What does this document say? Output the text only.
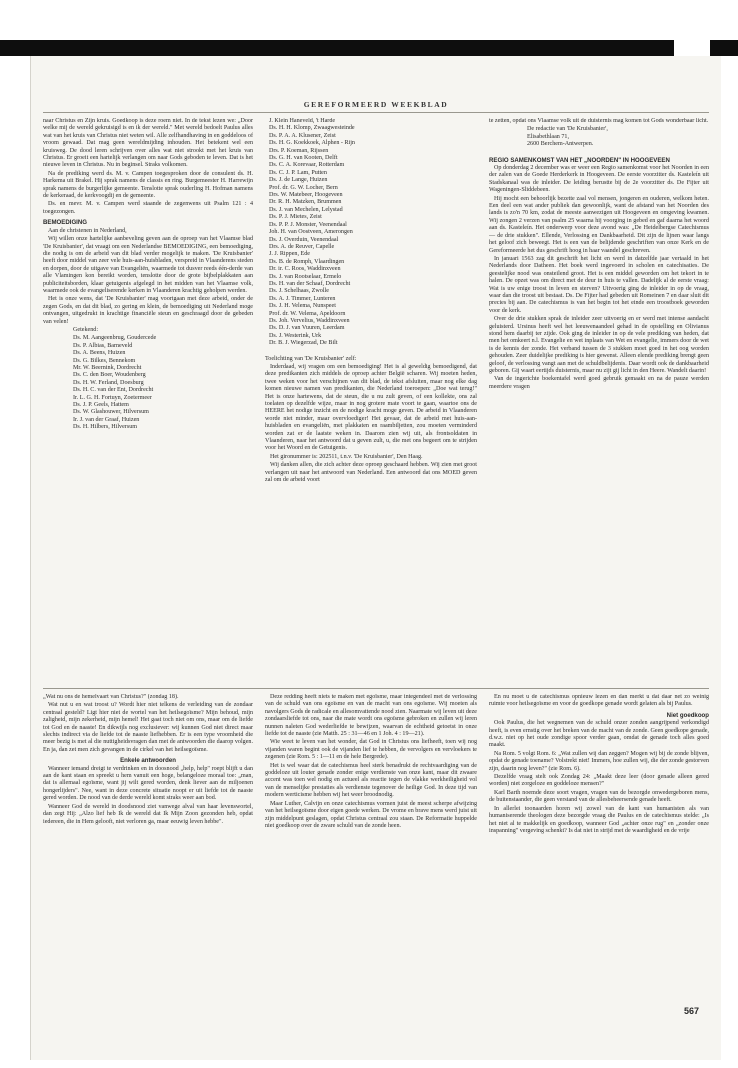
GEREFORMEERD WEEKBLAD

naar Christus en Zijn kruis. Goedkoop is deze roem niet. In de tekst lezen we: „Door welke mij de wereld gekruisigd is en ik der wereld." Met wereld bedoelt Paulus alles wat van het kruis van Christus niet weten wil. Alle zelfhandhaving in en goddeloos of vroom gewaad. Dat mag geen wereldmijding inhouden. Het betekent wel een kruisweg. De dood leren schrijven over alles wat niet strookt met het kruis van Christus. Er groeit een hartelijk verlangen om naar Gods geboden te leven. Dat is het nieuwe leven in Christus. Nu in beginsel. Straks volkomen.

Na de prediking werd ds. M. v. Campen toegesproken door de consulent ds. H. Harkema uit Brakel. Hij sprak namens de classis en ring. Burgemeester H. Harrewijn sprak namens de burgerlijke gemeente. Tenslotte sprak ouderling H. Hofman namens de kerkeraad, de kerkvoogdij en de gemeente.

Ds. en mevr. M. v. Campen werd staande de zegenwens uit Psalm 121 : 4 toegezongen.

BEMOEDIGING

Aan de christenen in Nederland,

Wij willen onze hartelijke aanbeveling geven aan de oproep van het Vlaamse blad 'De Kruisbanier', dat vraagt om een Nederlandse BEMOEDIGING, een bemoediging, die nodig is om de arbeid van dit blad verder mogelijk te maken. 'De Kruisbanier' heeft door middel van zeer vele huis-aan-huisbladen, verspreid in Vlaanderens steden en dorpen, door de uitgave van Evangeliën, waarmede tot dusver reeds één-derde van alle Vlamingen kon bereikt worden, tenslotte door de grote bijbelplakkaten aan publiciteitsborden, klaar getuigenis afgelegd in het midden van het Vlaamse volk, waarmede ook de evangeliserende kerken in Vlaanderen krachtig geholpen werden.

Het is onze wens, dat 'De Kruisbanier' mag voortgaan met deze arbeid, onder de zegen Gods, en dat dit blad, zo gering en klein, de bemoediging uit Nederland moge ontvangen, uitgedrukt in krachtige financiële steun en geschraagd door de gebeden van velen!

Getekend:

Ds. M. Aangeenbrug, Goudercede
Ds. P. Albias, Barneveld
Ds. A. Beens, Huizen
Ds. G. Bilkes, Bennekom
Mr. W. Beernink, Dordrecht
Ds. C. den Boer, Woudenberg
Ds. H. W. Ferland, Doesburg
Ds. H. C. van der Ent, Dordrecht
Ir. L. G. H. Fortuyn, Zoetermeer
Ds. J. P. Geels, Hattem
Ds. W. Glashouwer, Hilversum
Ir. J. van der Graaf, Huizen
Ds. H. Hilbers, Hilversum
J. Klein Haneveld, 't Harde
Ds. H. H. Klomp, Zwaagwesteinde
Ds. P. A. A. Klusener, Zeist
Ds. H. G. Koekkoek, Alphen - Rijn
Drs. P. Koeman, Rijssen
Ds. G. H. van Kooten, Delft
Ds. C. A. Korevaar, Rotterdam
Ds. C. J. P. Lam, Putten
Ds. J. de Lange, Huizen
Prof. dr. G. W. Locher, Bern
Drs. W. Matebeer, Hoogeveen
Dr. R. H. Matzken, Brummen
Ds. J. van Mechelen, Lelystad
Ds. P. J. Mietes, Zeist
Ds. P. P. J. Monster, Veenendaal
Joh. H. van Oostveen, Amerongen
Ds. J. Overduin, Veenendaal
Drs. A. de Reuver, Capelle
J. J. Rippen, Ede
Ds. B. de Romph, Vlaardingen
Dr. ir. C. Roos, Waddinxveen
Ds. J. van Rootselaar, Ermelo
Ds. H. van der Schaaf, Dordrecht
Ds. J. Schelhaas, Zwolle
Ds. A. J. Timmer, Lunteren
Ds. J. H. Velema, Nunspeet
Prof. dr. W. Velema, Apeldoorn
Ds. Joh. Vervelius, Waddinxveen
Ds. D. J. van Vuuren, Leerdam
Ds. J. Westerink, Urk
Dr. B. J. Wiegerzad, De Bilt

Toelichting van 'De Kruisbanier' zelf:

Inderdaad, wij vragen om een bemoediging! Het is al geweldig bemoedigend, dat deze predikanten zich middels de oproep achter België scharen. Wij moeten heden, twee weken voor het verschijnen van dit blad, de tekst afsluiten, maar nog elke dag komen nieuwe namen van predikanten, die Nederland toeroepen: „Doe wat terug!" Het is onze hartewens, dat de steun, die u nu zult geven, of een kollekte, ons zal toelaten op dezelfde wijze, maar in nog grotere mate voort te gaan, waartoe ons de HEERE het nodige inzicht en de nodige kracht moge geven. De arbeid in Vlaanderen worde niet minder, maar overvloediger! Het gevaar, dat de arbeid met huis-aan-huisbladen en evangeliën, met plakkaten en raambiljetten, zou moeten verminderd worden zat er de laatste weken in. Daarom zien wij uit, als frontsoldaten in Vlaanderen, naar het antwoord dat u geven zult, u, die met ons begeert om te strijden voor het Woord en de Getuigenis.

Het gironummer is: 202511, t.n.v. 'De Kruisbanier', Den Haag.

Wij danken allen, die zich achter deze oproep geschaard hebben. Wij zien met groot verlangen uit naar het antwoord van Nederland. Een antwoord dat ons MOED geven zal om de arbeid voort

te zetten, opdat ons Vlaamse volk uit de duisternis mag komen tot Gods wonderbaar licht.

De redactie van 'De Kruisbanier',

Elisabethlaan 71,

2600 Berchem-Antwerpen.

REGIO SAMENKOMST VAN HET „NOORDEN" IN HOOGEVEEN

Op donderdag 2 december was er weer een Regio samenkomst voor het Noorden in een der zalen van de Goede Herderkerk in Hoogeveen. De eerste voorzitter ds. Kasteleín uit Stadskanaal was de inleider. De leiding berustte bij de 2e voorzitter ds. De Fijter uit Wageningen-Sliddebeen.

Hij mocht een behoorlijk bezette zaal vol mensen, jongeren en ouderen, welkom heten. Een deel een wat ander publiek dan gewoonlijk, want de afstand van het Noorden des lands is zo'n 70 km, zodat de meeste aanwezigen uit Hoogeveen en omgeving kwamen. Wij zongen 2 verzen van psalm 25 waarna hij voorging in gebed en gaf daarna het woord aan ds. Kasteleín. Het onderwerp voor deze avond was: „De Heidelbergse Catechismus — de drie stukken". Ellende, Verlossing en Dankbaarheid. Dit zijn de lijnen waar langs het geloof zich beweegt. Het is een van de belijdende geschriften van onze Kerk en de Gereformeerde het dus geschrift hoog in haar vaandel geschreven.

In januari 1563 zag dit geschrift het licht en werd in datzelfde jaar vertaald in het Nederlands door Datheen. Het boek werd ingevoerd in scholen en catechisaties. De geestelijke nood was onsteilend groot. Het is een middel geworden om het tekort in te halen. De opzet was om direct met de deur in huis te vallen. Dadelijk al de eerste vraag: Wat is uw enige troost in leven en sterven? Uitvoerig ging de inleider in op de vraag, waar dan die troost uit bestaat. Ds. De Fijter had gebeden uit Romeinen 7 en daar sluit dit precies bij aan. De catechismus is van het begin tot het einde een troostboek geworden voor de kerk.

Over de drie stukken sprak de inleider zeer uitvoerig en er werd met intense aandacht geluisterd. Ursinus heeft wel het leeuwenaandeel gehad in de opstelling en Olivianus stond hem daarbij ter zijde. Ook ging de inleider in op de vele prediking van heden, dat men het omkeert n.l. Evangelie en wet inplaats van Wet en evangelie, immers door de wet is de kennis der zonde. Het verband tussen de 3 stukken moet goed in het oog worden gehouden. Zeer duidelijke prediking is hier gewenst. Alleen elende prediking brengt geen geloof, de verlossing vangt aan met de schuldbelijdenis. Daar wordt ook de dankbaarheid geboren. Gij waart eertijds duisternis, maar nu zijt gij licht in den Heere. Wandelt daarin!

Van de ingerichte boekentafel werd goed gebruik gemaakt en na de pauze werden meerdere vragen

„Wat nu ons de hemelvaart van Christus?" (zondag 18).

Wat nut u en wat troost u? Wordt hier niet telkens de verleiding van de zondaar centraal gesteld? Ligt hier niet de wortel van het heilsegoïsme? Mijn behoud, mijn zaligheid, mijn zekerheid, mijn hemel! Het gaat toch niet om ons, maar om de liefde tot God en de naaste! En dikwijls nog exclusiever: wij kunnen God niet direct maar slechts indirect via de liefde tot de naaste liefhebben. Er is een type vroomheid die meer bezig is met al die nuttigheidsvragen dan met de antwoorden die daarop volgen. En ja, dan zet men zich gevangen in de cirkel van het heilsegoïsme.

Enkele antwoorden

Wanneer iemand dreigt te verdrinken en in doosnood „help, help" roept blijft u dan aan de kant staan en spreekt u hem vanuit een hoge, belangeloze moraal toe: „man, dat is allemaal egoïsme, want jij wilt gered worden, denk liever aan de miljoenen hongerlijders". Nee, want in deze concrete situatie noopt er uit liefde tot de naaste gered worden. De nood van de derde wereld komt straks weer aan bod.

Wanneer God de wereld in doodsnood ziet vanwege alval van haar levenswortel, dan zegt Hij: „Alzo lief heb Ik de wereld dat Ik Mijn Zoon gezonden heb, opdat iedereen, die in Hem gelooft, niet verloren ga, maar eeuwig leven hebbe".

Deze redding heeft niets te maken met egoïsme, maar integendeel met de verlossing van de schuld van ons egoïsme en van de macht van ons egoïsme. Wij moeten als navolgers Gods de radicale en allesomvattende nood zien. Naarmate wij leven uit deze zondaarsliefde tot ons, naar die mate wordt ons egoïsme gebroken en zullen wij leren nunnen naleten God wederliefde te bewijzen, waarvan de echtheid getoetst in onze liefde tot de naaste (zie Matth. 25 : 31—46 en 1 Joh. 4 : 19—21).

Wie weet te leven van het wonder, dat God in Christus ons liefheeft, toen wij nog vijanden waren begint ook de vijanden lief te hebben, de vervolgers en vervloekers te zegenen (zie Rom. 5 : 1—11 en de hele Bergrede).

Het is wel waar dat de catechismus heel sterk benadrukt de rechtvaardiging van de goddeloze uit louter genade zonder enige verdienste van onze kant, maar dit zwaare accent was toen wel nodig en actueel als reactie tegen de vlakke werkheiligheid vol van de menselijke prestaties als verdienste tegenover de heilige God. In deze tijd van modern werticisme hebben wij het weer broodnodig.

Maar Luther, Calvijn en onze catechismus vormen juist de meest scherpe afwijzing van het heilsegoïsme door eigen goede werken. De vrome en brave mens werd juist uit zijn middelpunt geslagen, opdat Christus centraal zou staan. De Reformatie huppelde niet goedkoop over de zware schuld van de zonde heen.

En nu moet u de catechismus opnieuw lezen en dan merkt u dat daar net zo weinig ruimte voor heilsegoïsme en voor de goedkope genade wordt gelaten als bij Paulus.

Niet goedkoop

Ook Paulus, die het wegnemen van de schuld onzer zonden aangrijpend verkondigd heeft, is even ernstig over het breken van de macht van de zonde. Geen goedkope genade, d.w.z. niet op het oude zondige spoor verder gaan, omdat de genade toch alles goed maakt.

Na Rom. 5 volgt Rom. 6: „Wat zullen wij dan zeggen? Mogen wij bij de zonde blijven, opdat de genade toename? Volstrekt niet! Immers, hoe zullen wij, die der zonde gestorven zijn, daarin nog leven?" (zie Rom. 6).

Dezelfde vraag stelt ook Zondag 24: „Maakt deze leer (door genade alleen gered worden) niet zorgeloze en goddeloze mensen?"

Karl Barth noemde deze soort vragen, vragen van de bezorgde onwedergeboren mens, de buitenstaander, die geen verstand van de allesbeheersende genade heeft.

In allerlei toonaarden horen wij zowel van de kant van humanisten als van humaniserende theologen deze bezorgde vraag die Paulus en de catechismus stelde: „Is het niet al te makkelijk en goedkoop, wanneer God „achter onze rug" en „zonder onze inspanning" vergeving schenkt? Is dat niet in strijd met de waardigheid en de vrije

567
